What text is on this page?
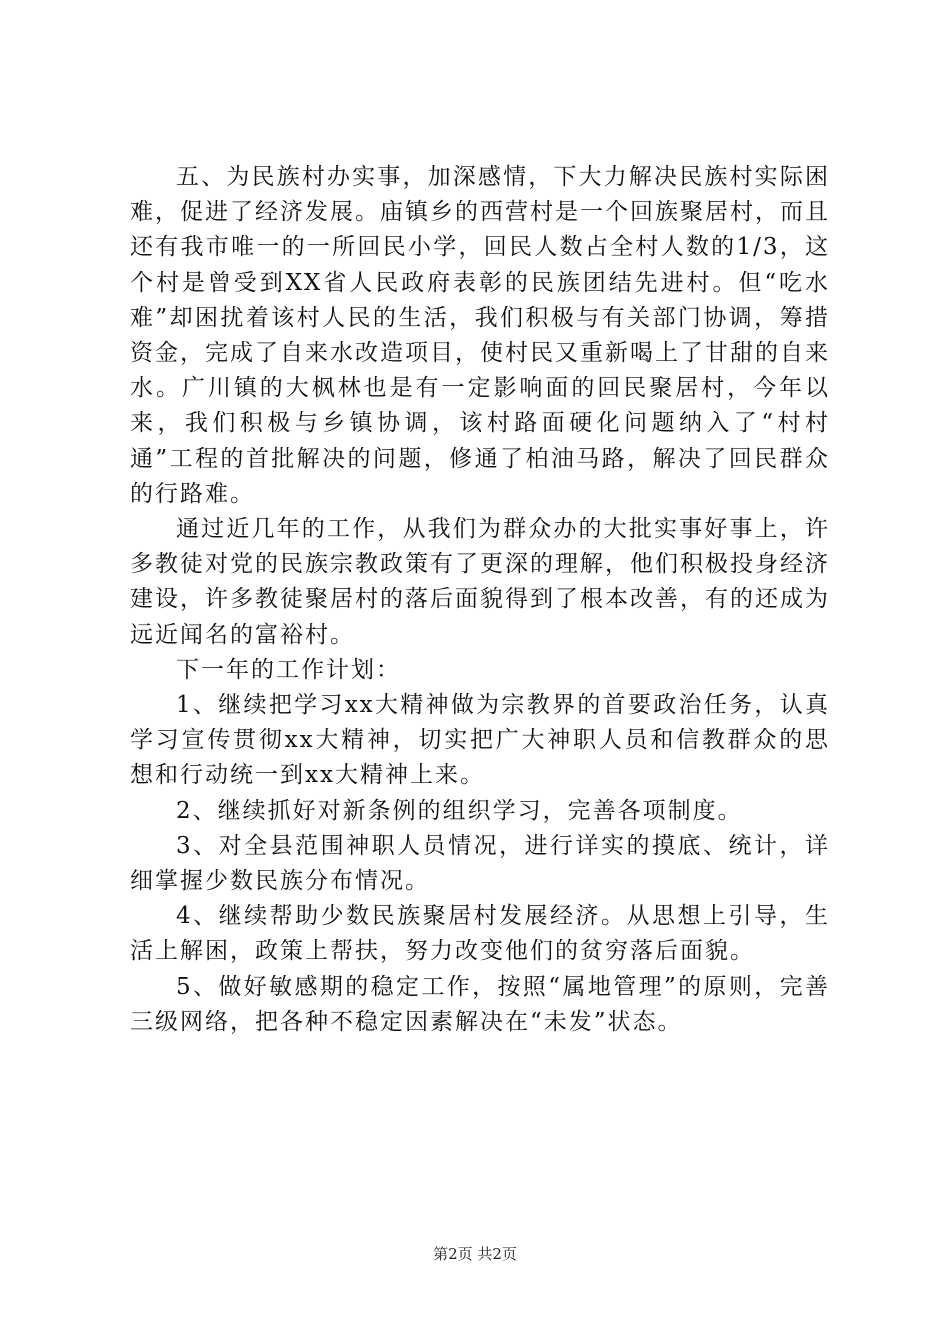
五、为民族村办实事，加深感情，下大力解决民族村实际困难，促进了经济发展。庙镇乡的西营村是一个回族聚居村，而且还有我市唯一的一所回民小学，回民人数占全村人数的1/3，这个村是曾受到XX省人民政府表彰的民族团结先进村。但“吃水难”却困扰着该村人民的生活，我们积极与有关部门协调，筹措资金，完成了自来水改造项目，使村民又重新喝上了甘甜的自来水。广川镇的大枫林也是有一定影响面的回民聚居村，今年以来，我们积极与乡镇协调，该村路面硬化问题纳入了“村村通”工程的首批解决的问题，修通了柏油马路，解决了回民群众的行路难。

通过近几年的工作，从我们为群众办的大批实事好事上，许多教徒对党的民族宗教政策有了更深的理解，他们积极投身经济建设，许多教徒聚居村的落后面貌得到了根本改善，有的还成为远近闻名的富裕村。

下一年的工作计划：

1、继续把学习xx大精神做为宗教界的首要政治任务，认真学习宣传贯彻xx大精神，切实把广大神职人员和信教群众的思想和行动统一到xx大精神上来。

2、继续抓好对新条例的组织学习，完善各项制度。

3、对全县范围神职人员情况，进行详实的摸底、统计，详细掌握少数民族分布情况。

4、继续帮助少数民族聚居村发展经济。从思想上引导，生活上解困，政策上帮扶，努力改变他们的贫穷落后面貌。

5、做好敏感期的稳定工作，按照“属地管理”的原则，完善三级网络，把各种不稳定因素解决在“未发”状态。

第2页 共2页
